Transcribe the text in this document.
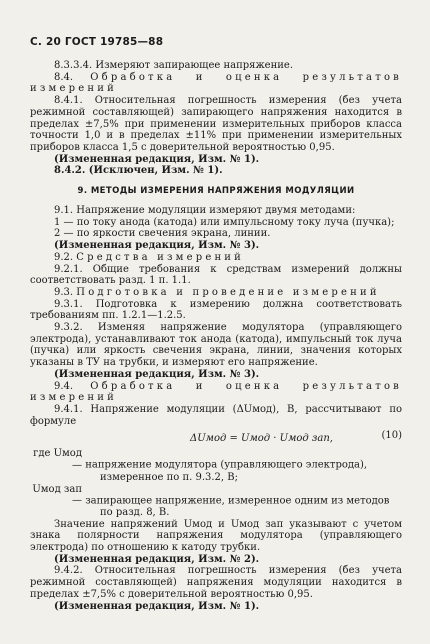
С. 20 ГОСТ 19785—88

8.3.3.4. Измеряют запирающее напряжение.

8.4. Обработка и оценка результатов измерений

8.4.1. Относительная погрешность измерения (без учета режимной составляющей) запирающего напряжения находится в пределах ±7,5% при применении измерительных приборов класса точности 1,0 и в пределах ±11% при применении измерительных приборов класса 1,5 с доверительной вероятностью 0,95.

(Измененная редакция, Изм. № 1).

8.4.2. (Исключен, Изм. № 1).

9. МЕТОДЫ ИЗМЕРЕНИЯ НАПРЯЖЕНИЯ МОДУЛЯЦИИ

9.1. Напряжение модуляции измеряют двумя методами:

1 — по току анода (катода) или импульсному току луча (пучка);

2 — по яркости свечения экрана, линии.

(Измененная редакция, Изм. № 3).

9.2. Средства измерений

9.2.1. Общие требования к средствам измерений должны соответствовать разд. 1 п. 1.1.

9.3. Подготовка и проведение измерений

9.3.1. Подготовка к измерению должна соответствовать требованиям пп. 1.2.1—1.2.5.

9.3.2. Изменяя напряжение модулятора (управляющего электрода), устанавливают ток анода (катода), импульсный ток луча (пучка) или яркость свечения экрана, линии, значения которых указаны в ТУ на трубки, и измеряют его напряжение.

(Измененная редакция, Изм. № 3).

9.4. Обработка и оценка результатов измерений

9.4.1. Напряжение модуляции (ΔUмод), В, рассчитывают по формуле

ΔUмод = Uмод · Uмод зап,	(10)
где Uмод — напряжение модулятора (управляющего электрода),
измеренное по п. 9.3.2, В;
Uмод зап — запирающее напряжение, измеренное одним из методов
по разд. 8, В.

Значение напряжений Uмод и Uмод зап указывают с учетом знака полярности напряжения модулятора (управляющего электрода) по отношению к катоду трубки.

(Измененная редакция, Изм. № 2).

9.4.2. Относительная погрешность измерения (без учета режимной составляющей) напряжения модуляции находится в пределах ±7,5% с доверительной вероятностью 0,95.

(Измененная редакция, Изм. № 1).
